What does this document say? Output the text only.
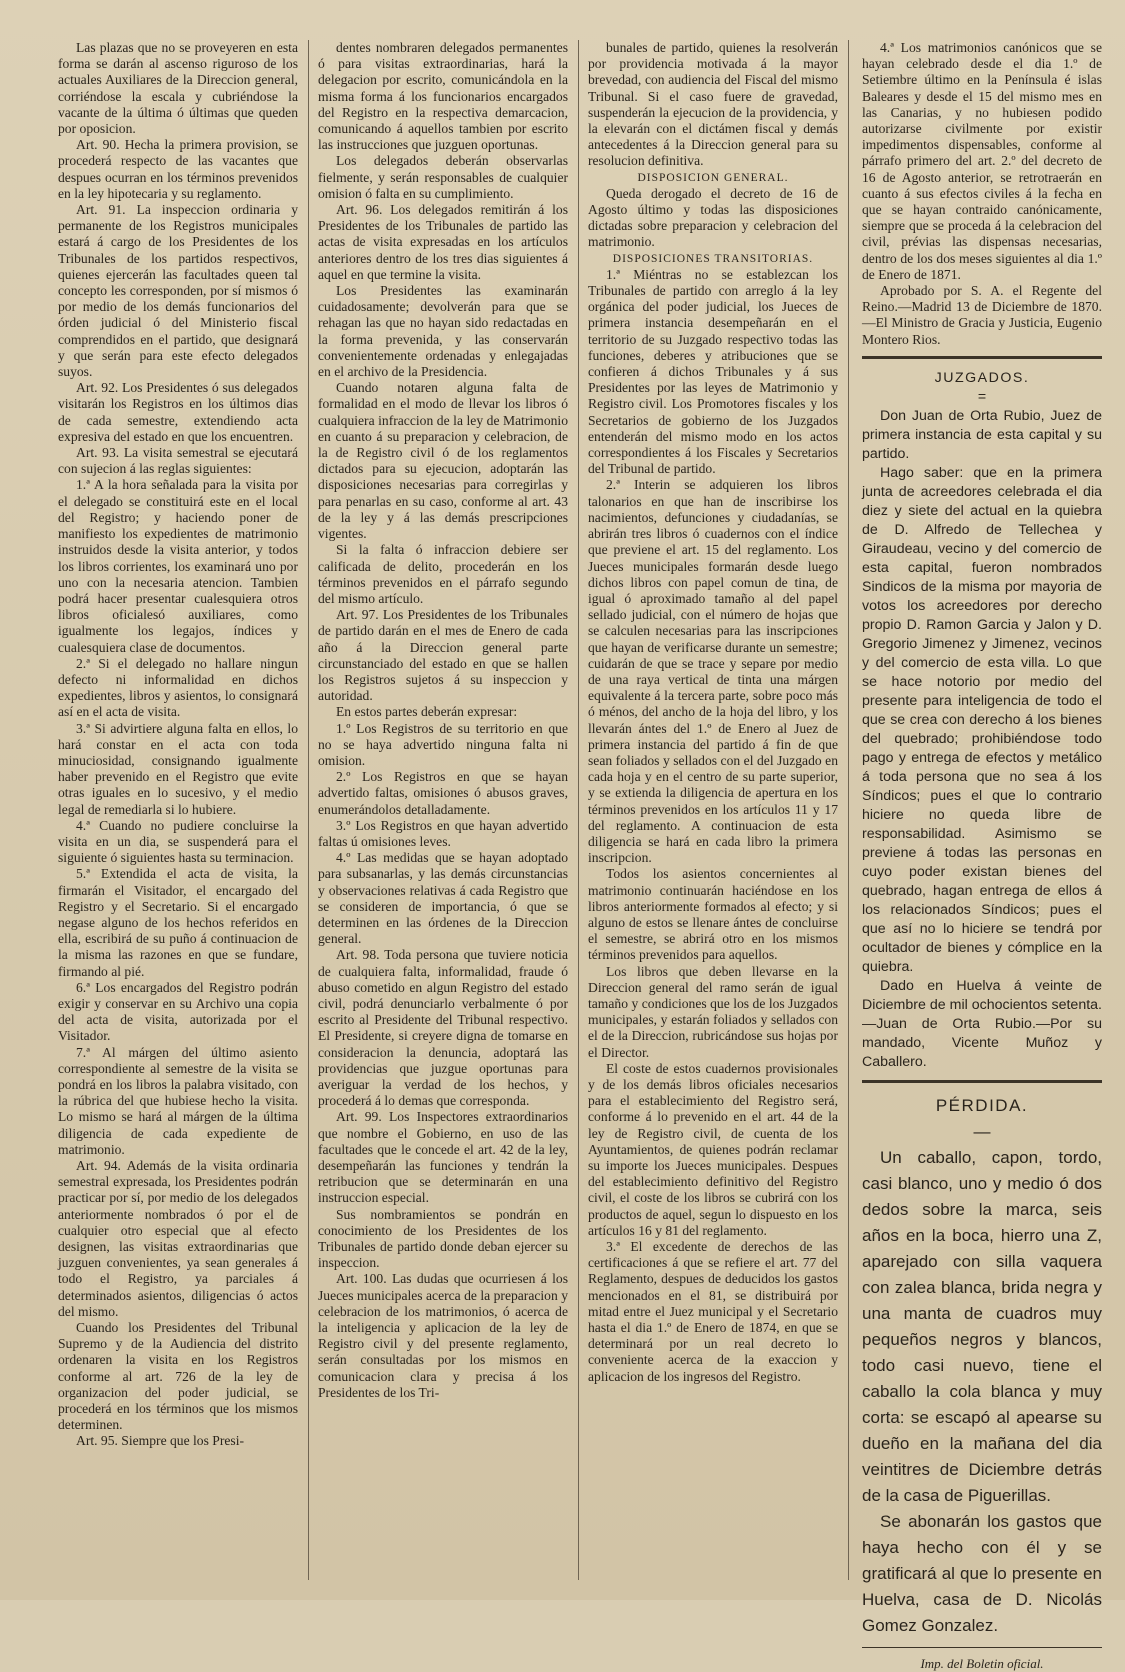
Las plazas que no se proveyeren en esta forma se darán al ascenso riguroso de los actuales Auxiliares de la Direccion general, corriéndose la escala y cubriéndose la vacante de la última ó últimas que queden por oposicion.

Art. 90. Hecha la primera provision, se procederá respecto de las vacantes que despues ocurran en los términos prevenidos en la ley hipotecaria y su reglamento.

Art. 91. La inspeccion ordinaria y permanente de los Registros municipales estará á cargo de los Presidentes de los Tribunales de los partidos respectivos, quienes ejercerán las facultades queen tal concepto les corresponden, por sí mismos ó por medio de los demás funcionarios del órden judicial ó del Ministerio fiscal comprendidos en el partido, que designará y que serán para este efecto delegados suyos.

Art. 92. Los Presidentes ó sus delegados visitarán los Registros en los últimos dias de cada semestre, extendiendo acta expresiva del estado en que los encuentren.

Art. 93. La visita semestral se ejecutará con sujecion á las reglas siguientes:

1.ª A la hora señalada para la visita por el delegado se constituirá este en el local del Registro; y haciendo poner de manifiesto los expedientes de matrimonio instruidos desde la visita anterior, y todos los libros corrientes, los examinará uno por uno con la necesaria atencion. Tambien podrá hacer presentar cualesquiera otros libros oficialesó auxiliares, como igualmente los legajos, índices y cualesquiera clase de documentos.

2.ª Si el delegado no hallare ningun defecto ni informalidad en dichos expedientes, libros y asientos, lo consignará así en el acta de visita.

3.ª Si advirtiere alguna falta en ellos, lo hará constar en el acta con toda minuciosidad, consignando igualmente haber prevenido en el Registro que evite otras iguales en lo sucesivo, y el medio legal de remediarla si lo hubiere.

4.ª Cuando no pudiere concluirse la visita en un dia, se suspenderá para el siguiente ó siguientes hasta su terminacion.

5.ª Extendida el acta de visita, la firmarán el Visitador, el encargado del Registro y el Secretario. Si el encargado negase alguno de los hechos referidos en ella, escribirá de su puño á continuacion de la misma las razones en que se fundare, firmando al pié.

6.ª Los encargados del Registro podrán exigir y conservar en su Archivo una copia del acta de visita, autorizada por el Visitador.

7.ª Al márgen del último asiento correspondiente al semestre de la visita se pondrá en los libros la palabra visitado, con la rúbrica del que hubiese hecho la visita. Lo mismo se hará al márgen de la última diligencia de cada expediente de matrimonio.

Art. 94. Además de la visita ordinaria semestral expresada, los Presidentes podrán practicar por sí, por medio de los delegados anteriormente nombrados ó por el de cualquier otro especial que al efecto designen, las visitas extraordinarias que juzguen convenientes, ya sean generales á todo el Registro, ya parciales á determinados asientos, diligencias ó actos del mismo.

Cuando los Presidentes del Tribunal Supremo y de la Audiencia del distrito ordenaren la visita en los Registros conforme al art. 726 de la ley de organizacion del poder judicial, se procederá en los términos que los mismos determinen.

Art. 95. Siempre que los Presi-

dentes nombraren delegados permanentes ó para visitas extraordinarias, hará la delegacion por escrito, comunicándola en la misma forma á los funcionarios encargados del Registro en la respectiva demarcacion, comunicando á aquellos tambien por escrito las instrucciones que juzguen oportunas.

Los delegados deberán observarlas fielmente, y serán responsables de cualquier omision ó falta en su cumplimiento.

Art. 96. Los delegados remitirán á los Presidentes de los Tribunales de partido las actas de visita expresadas en los artículos anteriores dentro de los tres dias siguientes á aquel en que termine la visita.

Los Presidentes las examinarán cuidadosamente; devolverán para que se rehagan las que no hayan sido redactadas en la forma prevenida, y las conservarán convenientemente ordenadas y enlegajadas en el archivo de la Presidencia.

Cuando notaren alguna falta de formalidad en el modo de llevar los libros ó cualquiera infraccion de la ley de Matrimonio en cuanto á su preparacion y celebracion, de la de Registro civil ó de los reglamentos dictados para su ejecucion, adoptarán las disposiciones necesarias para corregirlas y para penarlas en su caso, conforme al art. 43 de la ley y á las demás prescripciones vigentes.

Si la falta ó infraccion debiere ser calificada de delito, procederán en los términos prevenidos en el párrafo segundo del mismo artículo.

Art. 97. Los Presidentes de los Tribunales de partido darán en el mes de Enero de cada año á la Direccion general parte circunstanciado del estado en que se hallen los Registros sujetos á su inspeccion y autoridad.

En estos partes deberán expresar:

1.º Los Registros de su territorio en que no se haya advertido ninguna falta ni omision.

2.º Los Registros en que se hayan advertido faltas, omisiones ó abusos graves, enumerándolos detalladamente.

3.º Los Registros en que hayan advertido faltas ú omisiones leves.

4.º Las medidas que se hayan adoptado para subsanarlas, y las demás circunstancias y observaciones relativas á cada Registro que se consideren de importancia, ó que se determinen en las órdenes de la Direccion general.

Art. 98. Toda persona que tuviere noticia de cualquiera falta, informalidad, fraude ó abuso cometido en algun Registro del estado civil, podrá denunciarlo verbalmente ó por escrito al Presidente del Tribunal respectivo. El Presidente, si creyere digna de tomarse en consideracion la denuncia, adoptará las providencias que juzgue oportunas para averiguar la verdad de los hechos, y procederá á lo demas que corresponda.

Art. 99. Los Inspectores extraordinarios que nombre el Gobierno, en uso de las facultades que le concede el art. 42 de la ley, desempeñarán las funciones y tendrán la retribucion que se determinarán en una instruccion especial.

Sus nombramientos se pondrán en conocimiento de los Presidentes de los Tribunales de partido donde deban ejercer su inspeccion.

Art. 100. Las dudas que ocurriesen á los Jueces municipales acerca de la preparacion y celebracion de los matrimonios, ó acerca de la inteligencia y aplicacion de la ley de Registro civil y del presente reglamento, serán consultadas por los mismos en comunicacion clara y precisa á los Presidentes de los Tri-

bunales de partido, quienes la resolverán por providencia motivada á la mayor brevedad, con audiencia del Fiscal del mismo Tribunal. Si el caso fuere de gravedad, suspenderán la ejecucion de la providencia, y la elevarán con el dictámen fiscal y demás antecedentes á la Direccion general para su resolucion definitiva.

DISPOSICION GENERAL.

Queda derogado el decreto de 16 de Agosto último y todas las disposiciones dictadas sobre preparacion y celebracion del matrimonio.

DISPOSICIONES TRANSITORIAS.

1.ª Miéntras no se establezcan los Tribunales de partido con arreglo á la ley orgánica del poder judicial, los Jueces de primera instancia desempeñarán en el territorio de su Juzgado respectivo todas las funciones, deberes y atribuciones que se confieren á dichos Tribunales y á sus Presidentes por las leyes de Matrimonio y Registro civil. Los Promotores fiscales y los Secretarios de gobierno de los Juzgados entenderán del mismo modo en los actos correspondientes á los Fiscales y Secretarios del Tribunal de partido.

2.ª Interin se adquieren los libros talonarios en que han de inscribirse los nacimientos, defunciones y ciudadanías, se abrirán tres libros ó cuadernos con el índice que previene el art. 15 del reglamento. Los Jueces municipales formarán desde luego dichos libros con papel comun de tina, de igual ó aproximado tamaño al del papel sellado judicial, con el número de hojas que se calculen necesarias para las inscripciones que hayan de verificarse durante un semestre; cuidarán de que se trace y separe por medio de una raya vertical de tinta una márgen equivalente á la tercera parte, sobre poco más ó ménos, del ancho de la hoja del libro, y los llevarán ántes del 1.º de Enero al Juez de primera instancia del partido á fin de que sean foliados y sellados con el del Juzgado en cada hoja y en el centro de su parte superior, y se extienda la diligencia de apertura en los términos prevenidos en los artículos 11 y 17 del reglamento. A continuacion de esta diligencia se hará en cada libro la primera inscripcion.

Todos los asientos concernientes al matrimonio continuarán haciéndose en los libros anteriormente formados al efecto; y si alguno de estos se llenare ántes de concluirse el semestre, se abrirá otro en los mismos términos prevenidos para aquellos.

Los libros que deben llevarse en la Direccion general del ramo serán de igual tamaño y condiciones que los de los Juzgados municipales, y estarán foliados y sellados con el de la Direccion, rubricándose sus hojas por el Director.

El coste de estos cuadernos provisionales y de los demás libros oficiales necesarios para el establecimiento del Registro será, conforme á lo prevenido en el art. 44 de la ley de Registro civil, de cuenta de los Ayuntamientos, de quienes podrán reclamar su importe los Jueces municipales. Despues del establecimiento definitivo del Registro civil, el coste de los libros se cubrirá con los productos de aquel, segun lo dispuesto en los artículos 16 y 81 del reglamento.

3.ª El excedente de derechos de las certificaciones á que se refiere el art. 77 del Reglamento, despues de deducidos los gastos mencionados en el 81, se distribuirá por mitad entre el Juez municipal y el Secretario hasta el dia 1.º de Enero de 1874, en que se determinará por un real decreto lo conveniente acerca de la exaccion y aplicacion de los ingresos del Registro.

4.ª Los matrimonios canónicos que se hayan celebrado desde el dia 1.º de Setiembre último en la Península é islas Baleares y desde el 15 del mismo mes en las Canarias, y no hubiesen podido autorizarse civilmente por existir impedimentos dispensables, conforme al párrafo primero del art. 2.º del decreto de 16 de Agosto anterior, se retrotraerán en cuanto á sus efectos civiles á la fecha en que se hayan contraido canónicamente, siempre que se proceda á la celebracion del civil, prévias las dispensas necesarias, dentro de los dos meses siguientes al dia 1.º de Enero de 1871.

Aprobado por S. A. el Regente del Reino.—Madrid 13 de Diciembre de 1870.—El Ministro de Gracia y Justicia, Eugenio Montero Rios.

JUZGADOS.

=

Don Juan de Orta Rubio, Juez de primera instancia de esta capital y su partido.

Hago saber: que en la primera junta de acreedores celebrada el dia diez y siete del actual en la quiebra de D. Alfredo de Tellechea y Giraudeau, vecino y del comercio de esta capital, fueron nombrados Sindicos de la misma por mayoria de votos los acreedores por derecho propio D. Ramon Garcia y Jalon y D. Gregorio Jimenez y Jimenez, vecinos y del comercio de esta villa. Lo que se hace notorio por medio del presente para inteligencia de todo el que se crea con derecho á los bienes del quebrado; prohibiéndose todo pago y entrega de efectos y metálico á toda persona que no sea á los Síndicos; pues el que lo contrario hiciere no queda libre de responsabilidad. Asimismo se previene á todas las personas en cuyo poder existan bienes del quebrado, hagan entrega de ellos á los relacionados Síndicos; pues el que así no lo hiciere se tendrá por ocultador de bienes y cómplice en la quiebra.

Dado en Huelva á veinte de Diciembre de mil ochocientos setenta.—Juan de Orta Rubio.—Por su mandado, Vicente Muñoz y Caballero.

PÉRDIDA.

—

Un caballo, capon, tordo, casi blanco, uno y medio ó dos dedos sobre la marca, seis años en la boca, hierro una Z, aparejado con silla vaquera con zalea blanca, brida negra y una manta de cuadros muy pequeños negros y blancos, todo casi nuevo, tiene el caballo la cola blanca y muy corta: se escapó al apearse su dueño en la mañana del dia veintitres de Diciembre detrás de la casa de Piguerillas.

Se abonarán los gastos que haya hecho con él y se gratificará al que lo presente en Huelva, casa de D. Nicolás Gomez Gonzalez.

Imp. del Boletin oficial.
